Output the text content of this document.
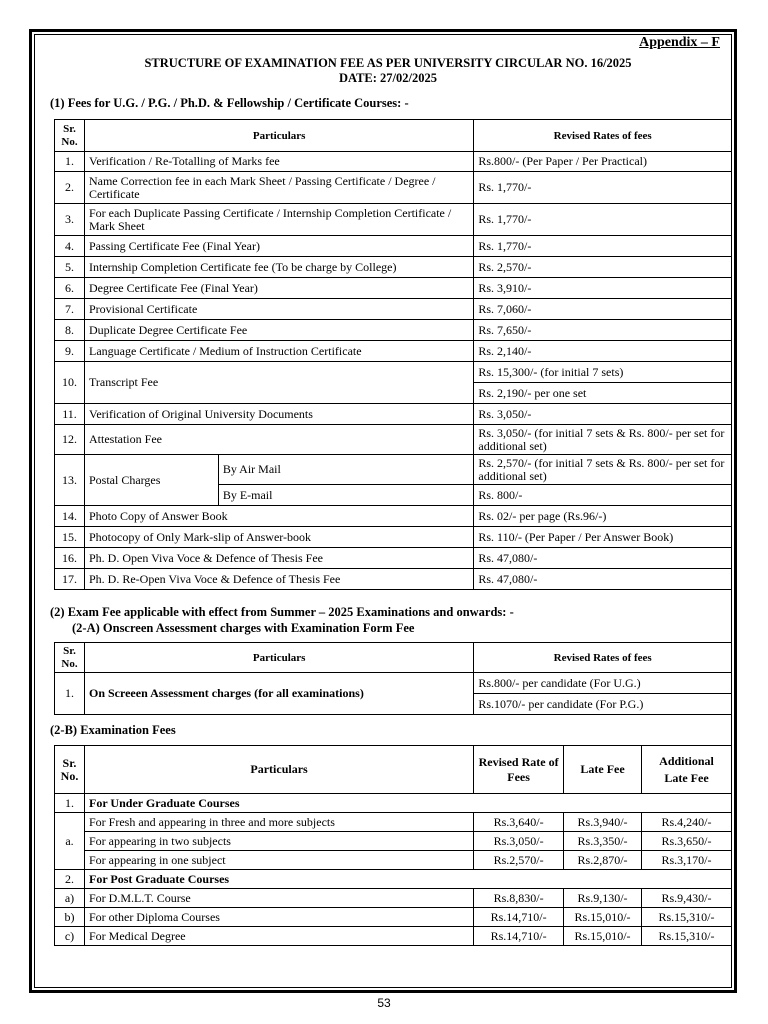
Appendix – F
STRUCTURE OF EXAMINATION FEE AS PER UNIVERSITY CIRCULAR NO. 16/2025
DATE: 27/02/2025
(1) Fees for U.G. / P.G. / Ph.D. & Fellowship / Certificate Courses: -
Sr. No.	Particulars		Revised Rates of fees
1.	Verification / Re-Totalling of Marks fee		Rs.800/- (Per Paper / Per Practical)
2.	Name Correction fee in each Mark Sheet / Passing Certificate / Degree / Certificate		Rs. 1,770/-
3.	For each Duplicate Passing Certificate / Internship Completion Certificate / Mark Sheet		Rs. 1,770/-
4.	Passing Certificate Fee (Final Year)		Rs. 1,770/-
5.	Internship Completion Certificate fee (To be charge by College)		Rs. 2,570/-
6.	Degree Certificate Fee (Final Year)		Rs. 3,910/-
7.	Provisional Certificate		Rs. 7,060/-
8.	Duplicate Degree Certificate Fee		Rs. 7,650/-
9.	Language Certificate / Medium of Instruction Certificate		Rs. 2,140/-
10.	Transcript Fee		Rs. 15,300/- (for initial 7 sets)
			Rs. 2,190/- per one set
11.	Verification of Original University Documents		Rs. 3,050/-
12.	Attestation Fee		Rs. 3,050/- (for initial 7 sets & Rs. 800/- per set for additional set)
13.	Postal Charges	By Air Mail	Rs. 2,570/- (for initial 7 sets & Rs. 800/- per set for additional set)
		By E-mail	Rs. 800/-
14.	Photo Copy of Answer Book		Rs. 02/- per page (Rs.96/-)
15.	Photocopy of Only Mark-slip of Answer-book		Rs. 110/- (Per Paper / Per Answer Book)
16.	Ph. D. Open Viva Voce & Defence of Thesis Fee		Rs. 47,080/-
17.	Ph. D. Re-Open Viva Voce & Defence of Thesis Fee		Rs. 47,080/-
(2) Exam Fee applicable with effect from Summer – 2025 Examinations and onwards: -
(2-A) Onscreen Assessment charges with Examination Form Fee
Sr. No.	Particulars	Revised Rates of fees
1.	On Screeen Assessment charges (for all examinations)	Rs.800/- per candidate (For U.G.)
		Rs.1070/- per candidate (For P.G.)
(2-B) Examination Fees
Sr. No.	Particulars	Revised Rate of Fees	Late Fee	Additional Late Fee
1.	For Under Graduate Courses			
a.	For Fresh and appearing in three and more subjects	Rs.3,640/-	Rs.3,940/-	Rs.4,240/-
	For appearing in two subjects	Rs.3,050/-	Rs.3,350/-	Rs.3,650/-
	For appearing in one subject	Rs.2,570/-	Rs.2,870/-	Rs.3,170/-
2.	For Post Graduate Courses			
a)	For D.M.L.T. Course	Rs.8,830/-	Rs.9,130/-	Rs.9,430/-
b)	For other Diploma Courses	Rs.14,710/-	Rs.15,010/-	Rs.15,310/-
c)	For Medical Degree	Rs.14,710/-	Rs.15,010/-	Rs.15,310/-
53
